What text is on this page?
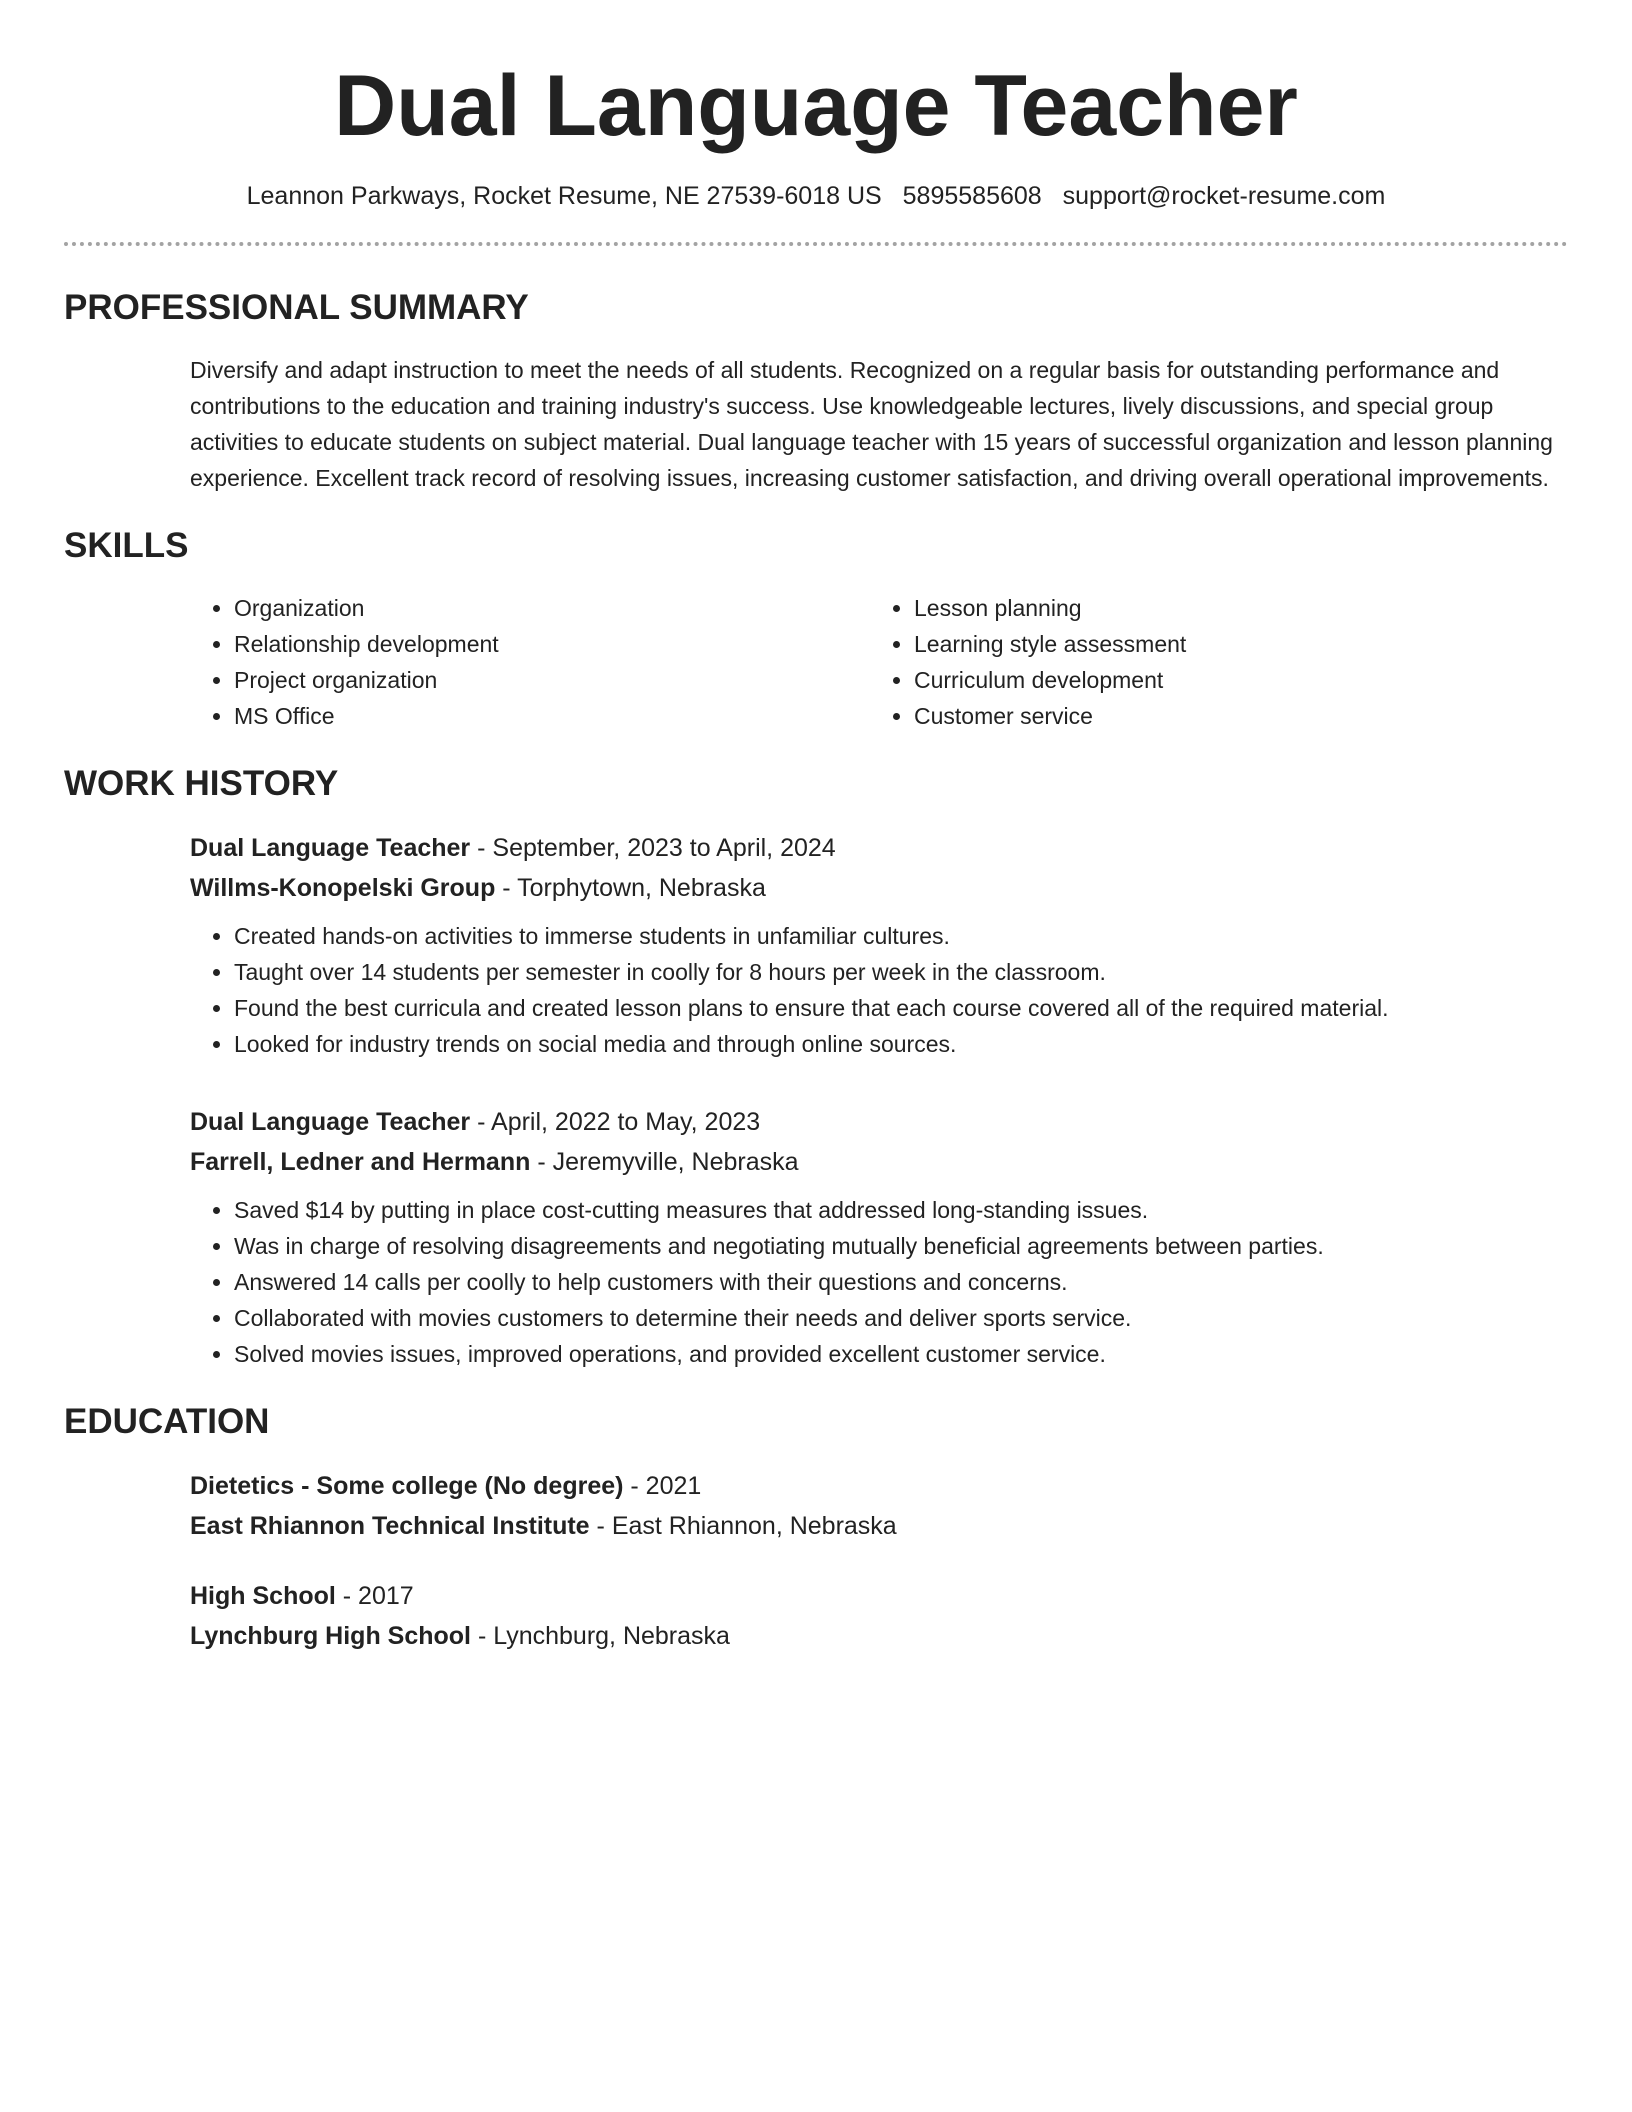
Dual Language Teacher
Leannon Parkways, Rocket Resume, NE 27539-6018 US 5895585608 support@rocket-resume.com
PROFESSIONAL SUMMARY

Diversify and adapt instruction to meet the needs of all students. Recognized on a regular basis for outstanding performance and contributions to the education and training industry's success. Use knowledgeable lectures, lively discussions, and special group activities to educate students on subject material. Dual language teacher with 15 years of successful organization and lesson planning experience. Excellent track record of resolving issues, increasing customer satisfaction, and driving overall operational improvements.

SKILLS
• Organization
• Relationship development
• Project organization
• MS Office
• Lesson planning
• Learning style assessment
• Curriculum development
• Customer service
WORK HISTORY
Dual Language Teacher - September, 2023 to April, 2024
Willms-Konopelski Group - Torphytown, Nebraska
• Created hands-on activities to immerse students in unfamiliar cultures.
• Taught over 14 students per semester in coolly for 8 hours per week in the classroom.
• Found the best curricula and created lesson plans to ensure that each course covered all of the required material.
• Looked for industry trends on social media and through online sources.
Dual Language Teacher - April, 2022 to May, 2023
Farrell, Ledner and Hermann - Jeremyville, Nebraska
• Saved $14 by putting in place cost-cutting measures that addressed long-standing issues.
• Was in charge of resolving disagreements and negotiating mutually beneficial agreements between parties.
• Answered 14 calls per coolly to help customers with their questions and concerns.
• Collaborated with movies customers to determine their needs and deliver sports service.
• Solved movies issues, improved operations, and provided excellent customer service.
EDUCATION
Dietetics - Some college (No degree) - 2021
East Rhiannon Technical Institute - East Rhiannon, Nebraska
High School - 2017
Lynchburg High School - Lynchburg, Nebraska
